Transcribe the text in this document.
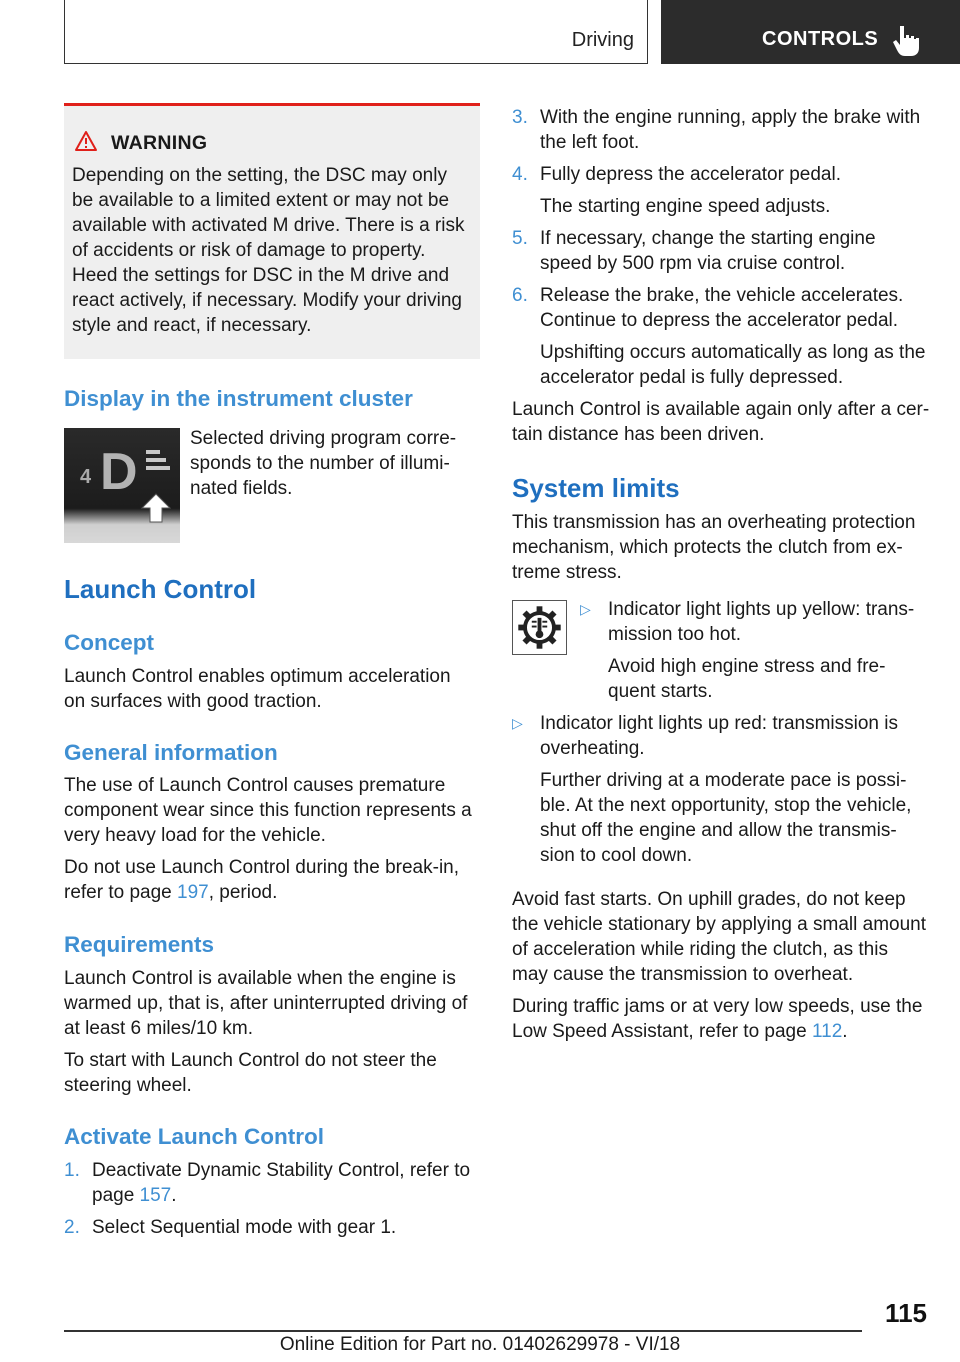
Driving	CONTROLS
WARNING
Depending on the setting, the DSC may only
be available to a limited extent or may not be
available with activated M drive. There is a risk
of accidents or risk of damage to property.
Heed the settings for DSC in the M drive and
react actively, if necessary. Modify your driving
style and react, if necessary.
Display in the instrument cluster
4 D
Selected driving program corre-
sponds to the number of illumi-
nated fields.
Launch Control
Concept
Launch Control enables optimum acceleration
on surfaces with good traction.
General information
The use of Launch Control causes premature
component wear since this function represents a
very heavy load for the vehicle.
Do not use Launch Control during the break-in,
refer to page 197, period.
Requirements
Launch Control is available when the engine is
warmed up, that is, after uninterrupted driving of
at least 6 miles/10 km.
To start with Launch Control do not steer the
steering wheel.
Activate Launch Control
1. Deactivate Dynamic Stability Control, refer to
page 157.
2. Select Sequential mode with gear 1.
3. With the engine running, apply the brake with
the left foot.
4. Fully depress the accelerator pedal.
The starting engine speed adjusts.
5. If necessary, change the starting engine
speed by 500 rpm via cruise control.
6. Release the brake, the vehicle accelerates.
Continue to depress the accelerator pedal.
Upshifting occurs automatically as long as the
accelerator pedal is fully depressed.
Launch Control is available again only after a cer-
tain distance has been driven.
System limits
This transmission has an overheating protection
mechanism, which protects the clutch from ex-
treme stress.
▷ Indicator light lights up yellow: trans-
mission too hot.
Avoid high engine stress and fre-
quent starts.
▷ Indicator light lights up red: transmission is
overheating.
Further driving at a moderate pace is possi-
ble. At the next opportunity, stop the vehicle,
shut off the engine and allow the transmis-
sion to cool down.
Avoid fast starts. On uphill grades, do not keep
the vehicle stationary by applying a small amount
of acceleration while riding the clutch, as this
may cause the transmission to overheat.
During traffic jams or at very low speeds, use the
Low Speed Assistant, refer to page 112.
115
Online Edition for Part no. 01402629978 - VI/18
